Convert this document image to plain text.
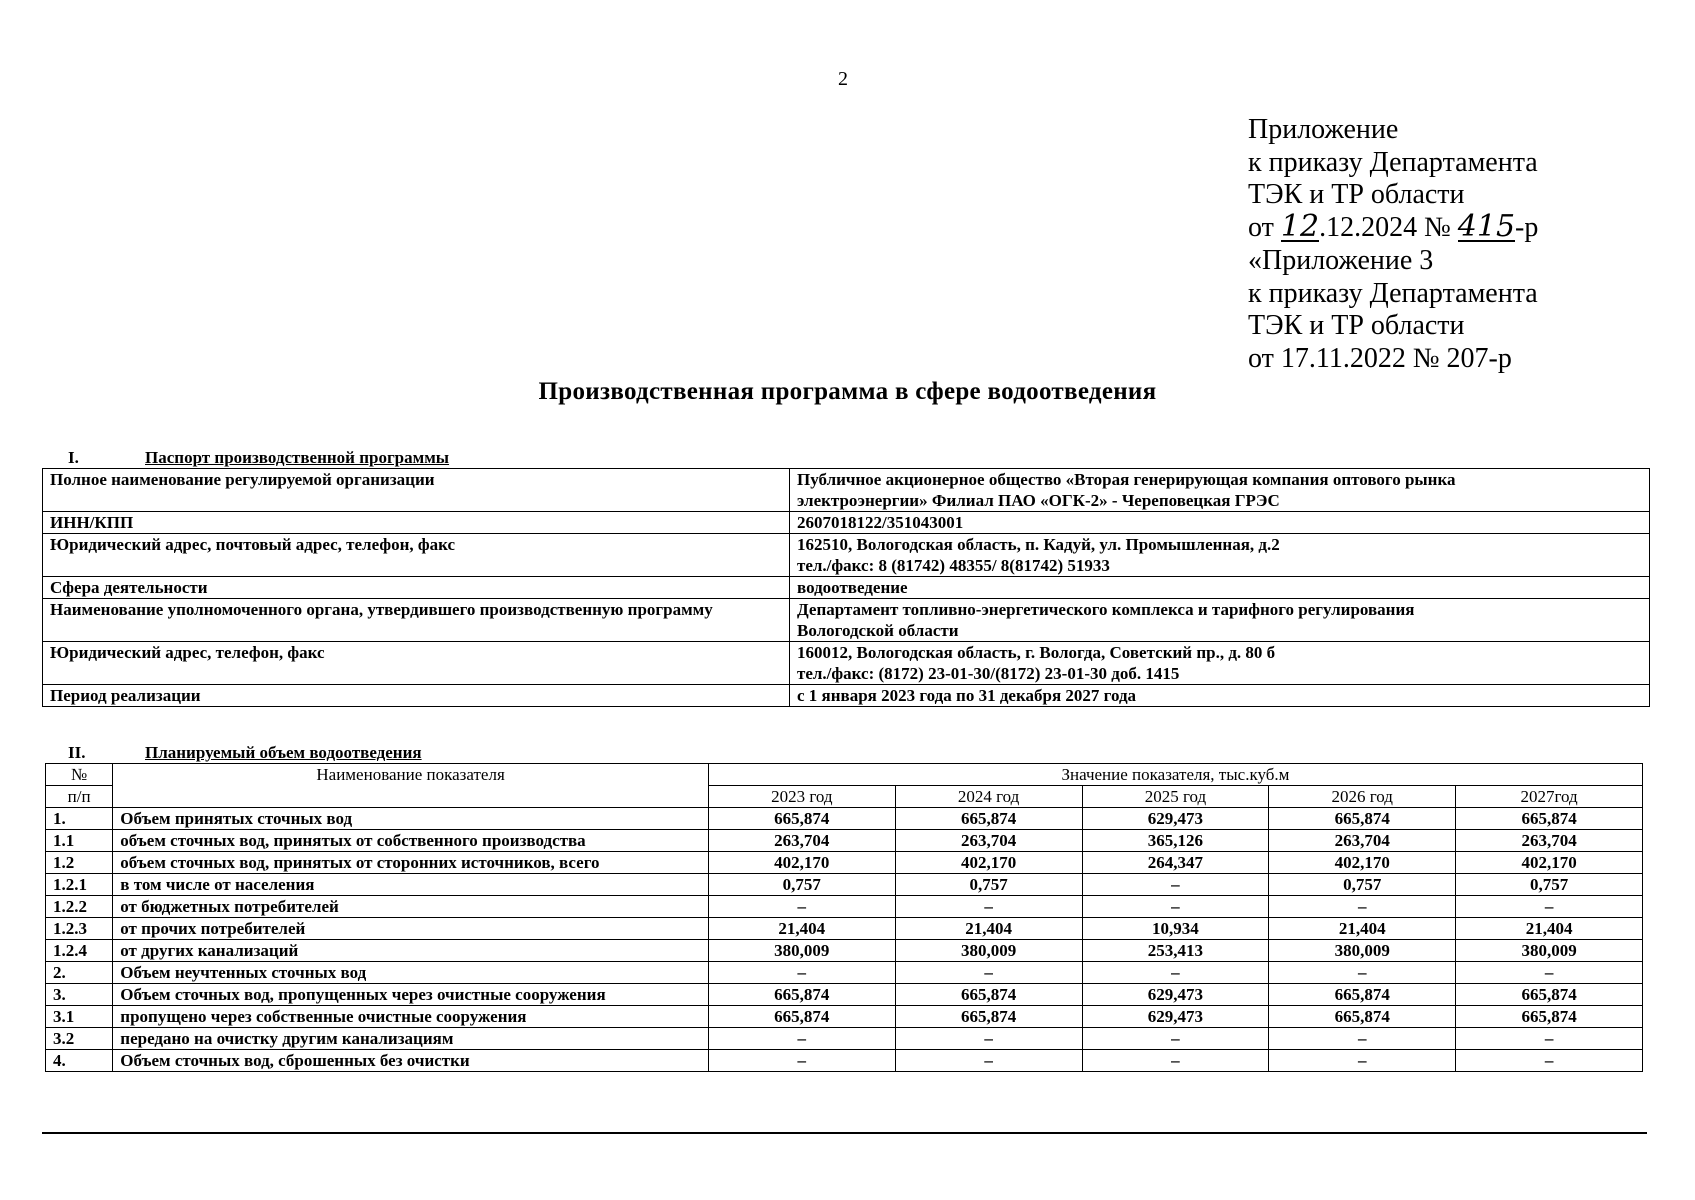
2
Приложение
к приказу Департамента
ТЭК и ТР области
от 12.12.2024 № 415-р
«Приложение 3
к приказу Департамента
ТЭК и ТР области
от 17.11.2022 № 207-р
Производственная программа в сфере водоотведения
I.	Паспорт производственной программы
Полное наименование регулируемой организации	Публичное акционерное общество «Вторая генерирующая компания оптового рынка
электроэнергии» Филиал ПАО «ОГК-2» - Череповецкая ГРЭС

ИНН/КПП	2607018122/351043001

Юридический адрес, почтовый адрес, телефон, факс	162510, Вологодская область, п. Кадуй, ул. Промышленная, д.2
тел./факс: 8 (81742) 48355/ 8(81742) 51933

Сфера деятельности	водоотведение

Наименование уполномоченного органа, утвердившего производственную программу	Департамент топливно-энергетического комплекса и тарифного регулирования
Вологодской области

Юридический адрес, телефон, факс	160012, Вологодская область, г. Вологда, Советский пр., д. 80 б
тел./факс: (8172) 23-01-30/(8172) 23-01-30 доб. 1415

Период реализации	с 1 января 2023 года по 31 декабря 2027 года
II.	Планируемый объем водоотведения
№	Наименование показателя	Значение показателя, тыс.куб.м				
п/п		2023 год	2024 год	2025 год	2026 год	2027год
1.	Объем принятых сточных вод	665,874	665,874	629,473	665,874	665,874
1.1	объем сточных вод, принятых от собственного производства	263,704	263,704	365,126	263,704	263,704
1.2	объем сточных вод, принятых от сторонних источников, всего	402,170	402,170	264,347	402,170	402,170
1.2.1	в том числе от населения	0,757	0,757	–	0,757	0,757
1.2.2	от бюджетных потребителей	–	–	–	–	–
1.2.3	от прочих потребителей	21,404	21,404	10,934	21,404	21,404
1.2.4	от других канализаций	380,009	380,009	253,413	380,009	380,009
2.	Объем неучтенных сточных вод	–	–	–	–	–
3.	Объем сточных вод, пропущенных через очистные сооружения	665,874	665,874	629,473	665,874	665,874
3.1	пропущено через собственные очистные сооружения	665,874	665,874	629,473	665,874	665,874
3.2	передано на очистку другим канализациям	–	–	–	–	–
4.	Объем сточных вод, сброшенных без очистки	–	–	–	–	–
